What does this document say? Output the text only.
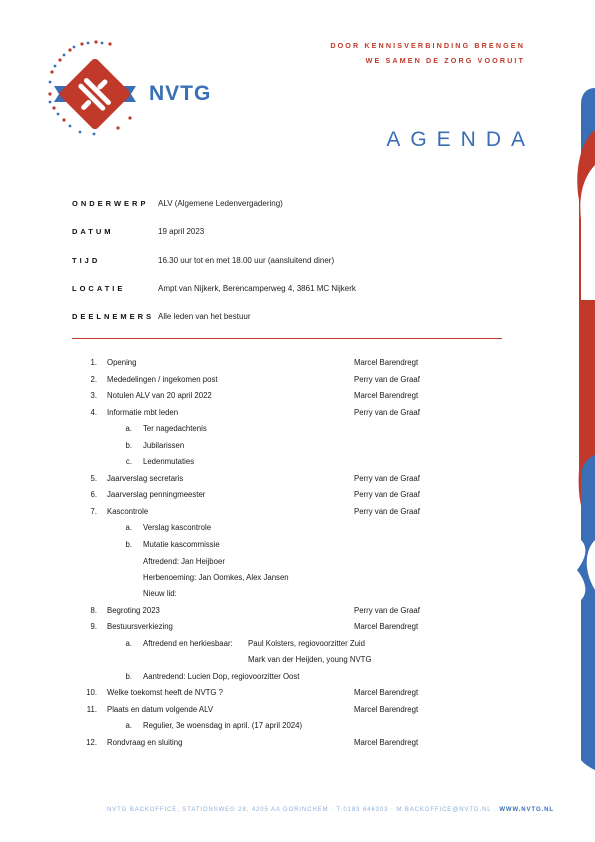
NVTG
DOOR KENNISVERBINDING BRENGEN
WE SAMEN DE ZORG VOORUIT
AGENDA
ONDERWERP ALV (Algemene Ledenvergadering)
DATUM	19 april 2023
TIJD	16.30 uur tot en met 18.00 uur (aansluitend diner)
LOCATIE	Ampt van Nijkerk, Berencamperweg 4, 3861 MC Nijkerk
DEELNEMERS Alle leden van het bestuur
1. Opening	Marcel Barendregt
2. Mededelingen / ingekomen post	Perry van de Graaf
3. Notulen ALV van 20 april 2022	Marcel Barendregt
4. Informatie mbt leden	Perry van de Graaf
a. Ter nagedachtenis
b. Jubilarissen
c. Ledenmutaties
5. Jaarverslag secretaris	Perry van de Graaf
6. Jaarverslag penningmeester	Perry van de Graaf
7. Kascontrole	Perry van de Graaf
a. Verslag kascontrole
b. Mutatie kascommissie
Aftredend: Jan Heijboer
Herbenoeming: Jan Oomkes, Alex Jansen
Nieuw lid:
8. Begroting 2023	Perry van de Graaf
9. Bestuursverkiezing	Marcel Barendregt
a. Aftredend en herkiesbaar: Paul Kolsters, regiovoorzitter Zuid
Mark van der Heijden, young NVTG
b. Aantredend: Lucien Dop, regiovoorzitter Oost
10. Welke toekomst heeft de NVTG ?	Marcel Barendregt
11. Plaats en datum volgende ALV	Marcel Barendregt
a. Regulier, 3e woensdag in april. (17 april 2024)
12. Rondvraag en sluiting	Marcel Barendregt
NVTG BACKOFFICE, STATIONSWEG 28, 4205 AA GORINCHEM · T 0183 646303 · M BACKOFFICE@NVTG.NL · WWW.NVTG.NL
